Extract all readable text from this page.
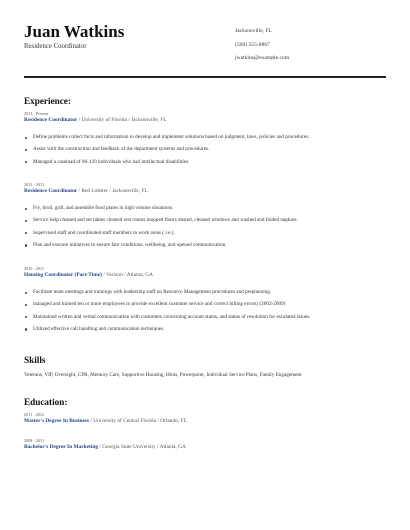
Juan Watkins
Residence Coordinator
Jacksonville, FL
(500) 555-8867
jwatkins@example.com
Experience:
2013 - Present
Residence Coordinator / University of Florida / Jacksonville, FL
Define problems collect facts and information to develop and implement solutions based on judgment, laws, policies and procedures.
Assist with the construction and feedback of the department systems and procedures.
Managed a caseload of 80-120 individuals who had intellectual disabilities.
2012 - 2013
Residence Coordinator / Red Lobster / Jacksonville, FL
Fry, broil, grill, and assemble food plates in high volume situations.
Service help cleaned and set tables cleaned rest rooms mopped floors dusted, cleaned windows and washed and folded napkins.
Supervised staff and coordinated staff members in work areas ( i.e.).
Plan and execute initiatives to ensure fare conditions, wellbeing, and opened communication.
2010 - 2011
Housing Coordinator (Part-Time) / Verizon / Atlanta, GA
Facilitate team meetings and trainings with leadership staff on Resource Management procedures and preplanning.
managed and trained ten or more employees to provide excellent customer service and correct billing errors) (2002-2009)
Maintained written and verbal communication with customers concerning account status, and status of resolution for escalated issues.
Utilized effective call handling and communication techniques.
Skills
Veterans, VIP, Oversight, CPR, Memory Care, Supportive Housing, Hmis, Powerpoint, Individual Service Plans, Family Engagement
Education:
2011 - 2012
Master's Degree In Business / University of Central Florida / Orlando, FL
2008 - 2011
Bachelor's Degree In Marketing / Georgia State University / Atlanta, GA
